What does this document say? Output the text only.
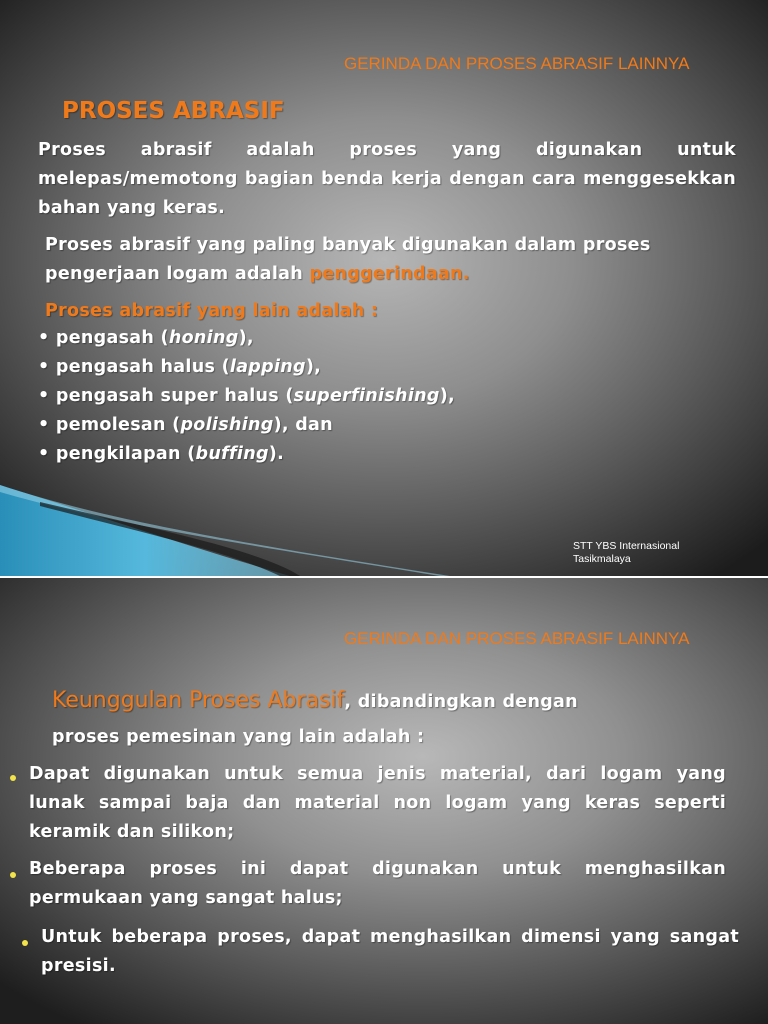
GERINDA DAN PROSES ABRASIF LAINNYA
PROSES ABRASIF
Proses abrasif adalah proses yang digunakan untuk melepas/memotong bagian benda kerja dengan cara menggesekkan bahan yang keras.
Proses abrasif yang paling banyak digunakan dalam proses pengerjaan logam adalah penggerindaan.
Proses abrasif yang lain adalah :
• pengasah (honing),
• pengasah halus (lapping),
• pengasah super halus (superfinishing),
• pemolesan (polishing), dan
• pengkilapan (buffing).
STT YBS Internasional
Tasikmalaya
GERINDA DAN PROSES ABRASIF LAINNYA
Keunggulan Proses Abrasif, dibandingkan dengan
proses pemesinan yang lain adalah :
Dapat digunakan untuk semua jenis material, dari logam yang lunak sampai baja dan material non logam yang keras seperti keramik dan silikon;
Beberapa proses ini dapat digunakan untuk menghasilkan permukaan yang sangat halus;
Untuk beberapa proses, dapat menghasilkan dimensi yang sangat presisi.
